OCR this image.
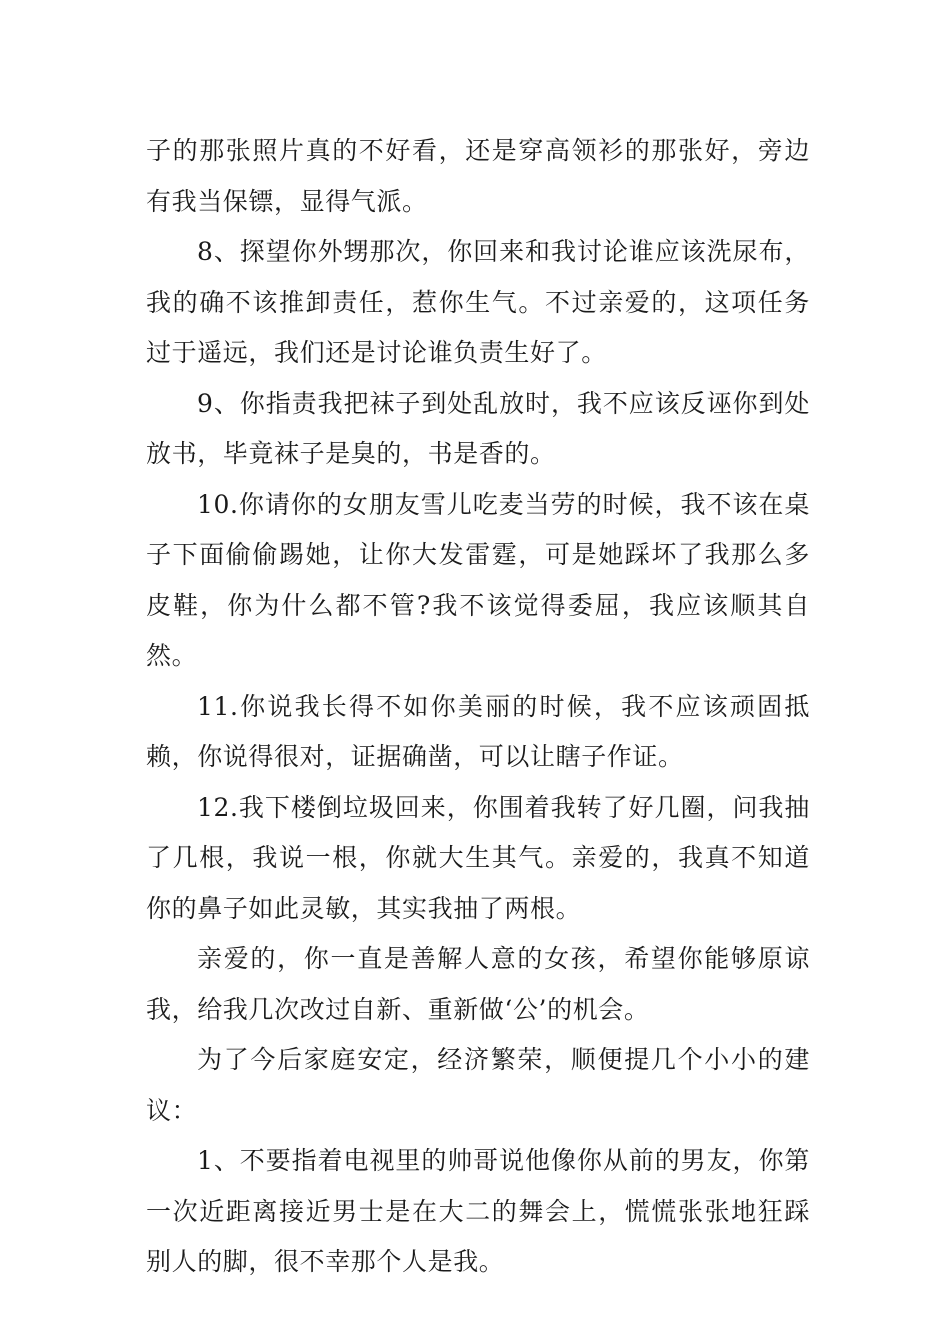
子的那张照片真的不好看，还是穿高领衫的那张好，旁边有我当保镖，显得气派。

8、探望你外甥那次，你回来和我讨论谁应该洗尿布，我的确不该推卸责任，惹你生气。不过亲爱的，这项任务过于遥远，我们还是讨论谁负责生好了。

9、你指责我把袜子到处乱放时，我不应该反诬你到处放书，毕竟袜子是臭的，书是香的。

10.你请你的女朋友雪儿吃麦当劳的时候，我不该在桌子下面偷偷踢她，让你大发雷霆，可是她踩坏了我那么多皮鞋，你为什么都不管?我不该觉得委屈，我应该顺其自然。

11.你说我长得不如你美丽的时候，我不应该顽固抵赖，你说得很对，证据确凿，可以让瞎子作证。

12.我下楼倒垃圾回来，你围着我转了好几圈，问我抽了几根，我说一根，你就大生其气。亲爱的，我真不知道你的鼻子如此灵敏，其实我抽了两根。

亲爱的，你一直是善解人意的女孩，希望你能够原谅我，给我几次改过自新、重新做‘公’的机会。

为了今后家庭安定，经济繁荣，顺便提几个小小的建议：

1、不要指着电视里的帅哥说他像你从前的男友，你第一次近距离接近男士是在大二的舞会上，慌慌张张地狂踩别人的脚，很不幸那个人是我。
